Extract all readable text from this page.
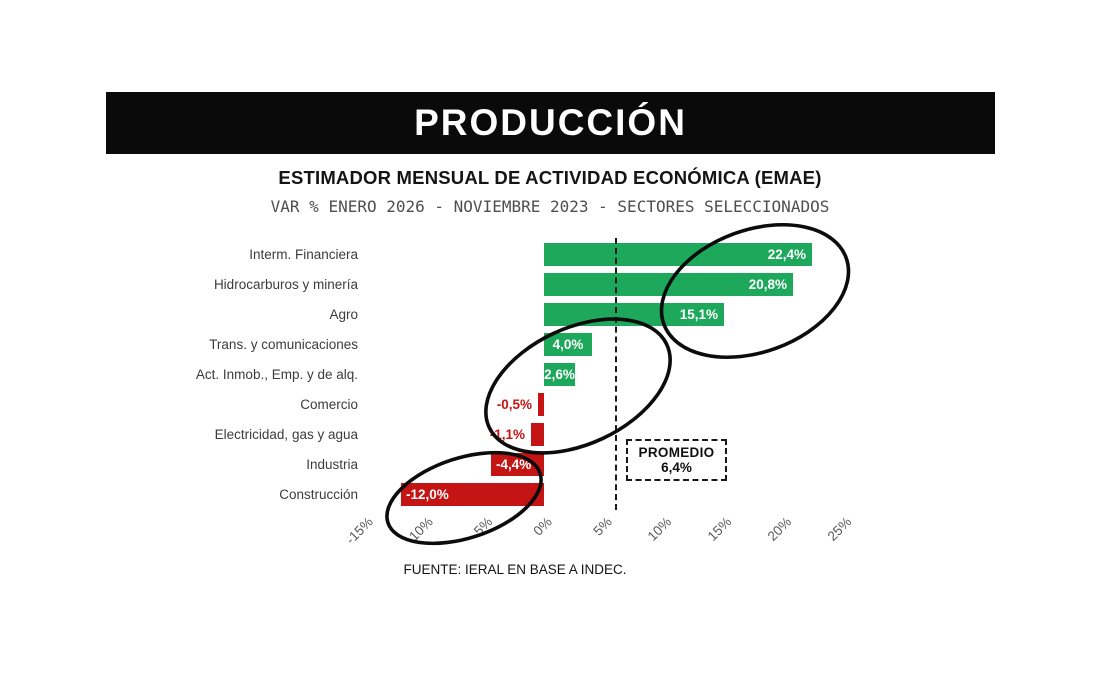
PRODUCCIÓN
ESTIMADOR MENSUAL DE ACTIVIDAD ECONÓMICA (EMAE)
VAR % ENERO 2026 - NOVIEMBRE 2023 - SECTORES SELECCIONADOS
Interm. Financiera	22,4%
Hidrocarburos y minería	20,8%
Agro	15,1%
Trans. y comunicaciones	4,0%
Act. Inmob., Emp. y de alq.	2,6%
Comercio	-0,5%
Electricidad, gas y agua	-1,1%
Industria	-4,4%
Construcción	-12,0%
PROMEDIO
6,4%
-15% -10% -5%	0%	5% 10% 15% 20% 25%
FUENTE: IERAL EN BASE A INDEC.
